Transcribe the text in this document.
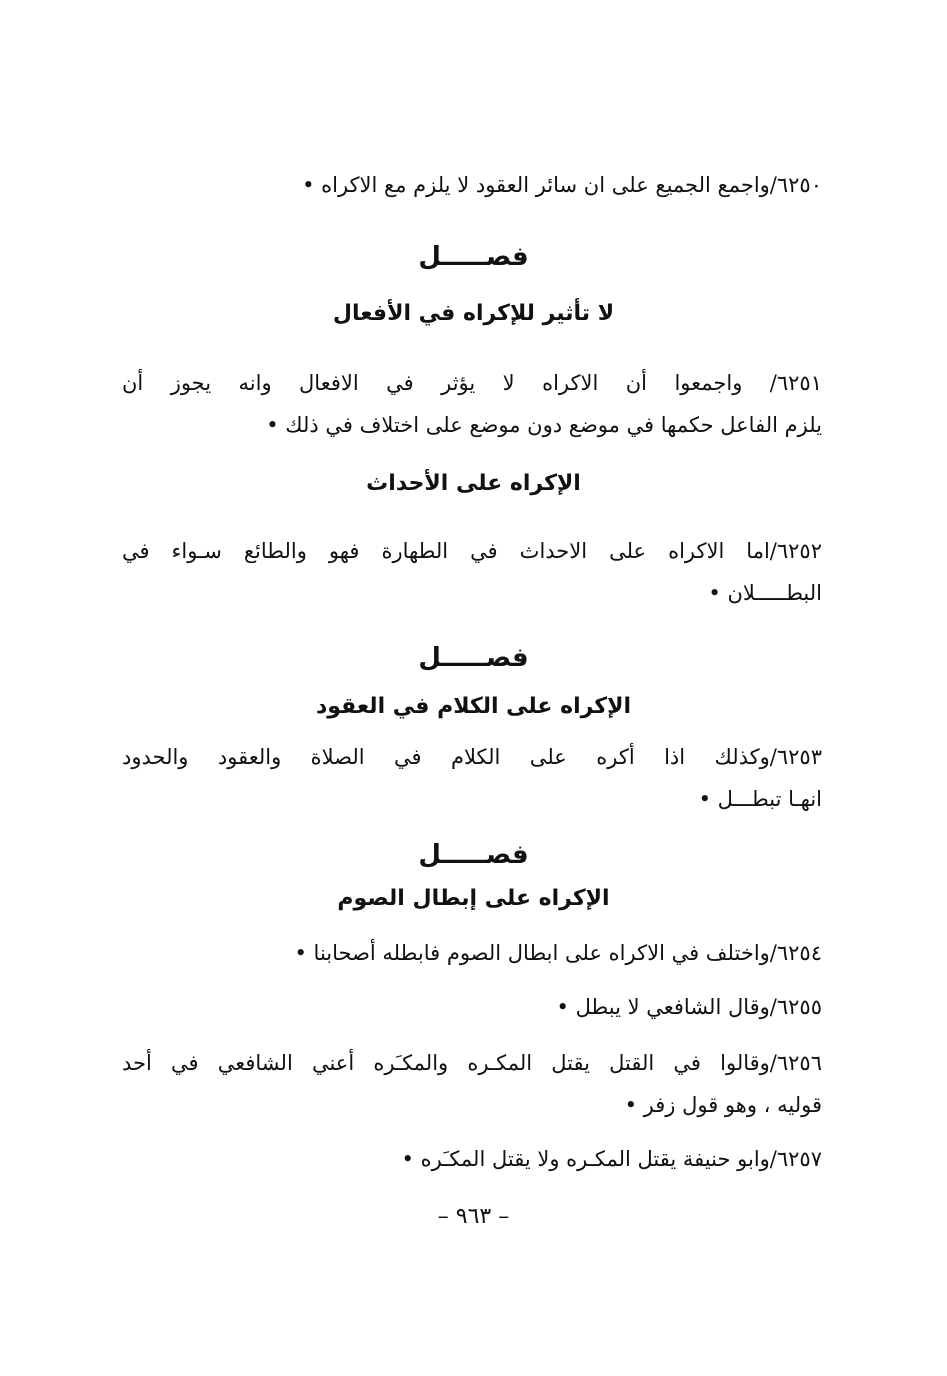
٦٢٥٠/واجمع الجميع على ان سائر العقود لا يلزم مع الاكراه •
فصـــــل
لا تأثير للإكراه في الأفعال
٦٢٥١/ واجمعوا أن الاكراه لا يؤثر في الافعال وانه يجوز أن
يلزم الفاعل حكمها في موضع دون موضع على اختلاف في ذلك •
الإكراه على الأحداث
٦٢٥٢/اما الاكراه على الاحداث في الطهارة فهو والطائع سـواء في
البطـــــلان •
فصـــــل
الإكراه على الكلام في العقود
٦٢٥٣/وكذلك اذا أكره على الكلام في الصلاة والعقود والحدود
انهـا تبطـــل •
فصـــــل
الإكراه على إبطال الصوم
٦٢٥٤/واختلف في الاكراه على ابطال الصوم فابطله أصحابنا •
٦٢٥٥/وقال الشافعي لا يبطل •
٦٢٥٦/وقالوا في القتل يقتل المكـره والمكـَره أعني الشافعي في أحد
قوليه ، وهو قول زفر •
٦٢٥٧/وابو حنيفة يقتل المكـره ولا يقتل المكـَره •
– ٩٦٣ –
